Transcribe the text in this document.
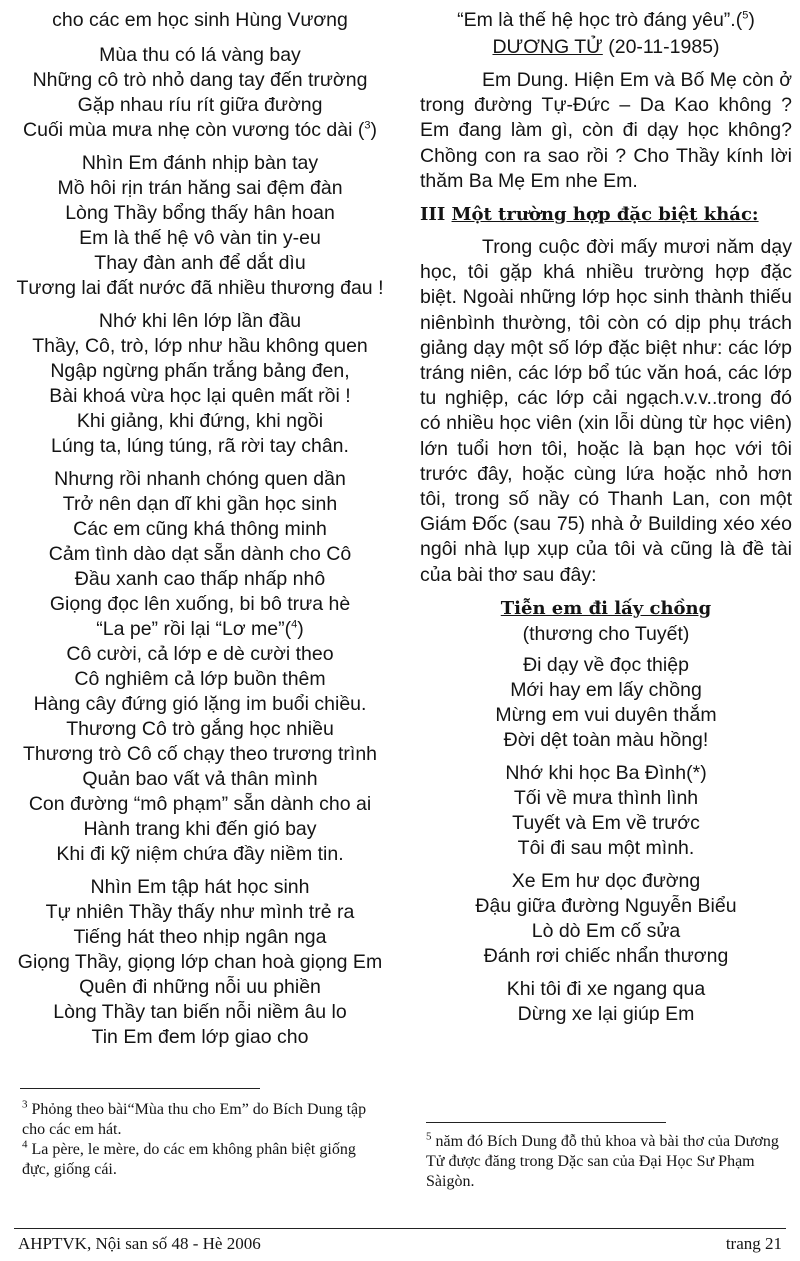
cho các em học sinh Hùng Vương
Mùa thu có lá vàng bay
Những cô trò nhỏ dang tay đến trường
Gặp nhau ríu rít giữa đường
Cuối mùa mưa nhẹ còn vương tóc dài ($^3$)
Nhìn Em đánh nhịp bàn tay
Mồ hôi rịn trán hăng sai đệm đàn
Lòng Thầy bổng thấy hân hoan
Em là thế hệ vô vàn tin y-eu
Thay đàn anh để dắt dìu
Tương lai đất nước đã nhiều thương đau !
Nhớ khi lên lớp lần đầu
Thầy, Cô, trò, lớp như hầu không quen
Ngập ngừng phấn trắng bảng đen,
Bài khoá vừa học lại quên mất rồi !
Khi giảng, khi đứng, khi ngồi
Lúng ta, lúng túng, rã rời tay chân.
Nhưng rồi nhanh chóng quen dần
Trở nên dạn dĩ khi gần học sinh
Các em cũng khá thông minh
Cảm tình dào dạt sẵn dành cho Cô
Đầu xanh cao thấp nhấp nhô
Giọng đọc lên xuống, bi bô trưa hè
“La pe” rồi lại “Lơ me”($^4$)
Cô cười, cả lớp e dè cười theo
Cô nghiêm cả lớp buồn thêm
Hàng cây đứng gió lặng im buổi chiều.
Thương Cô trò gắng học nhiều
Thương trò Cô cố chạy theo trương trình
Quản bao vất vả thân mình
Con đường “mô phạm” sẵn dành cho ai
Hành trang khi đến gió bay
Khi đi kỹ niệm chứa đầy niềm tin.
Nhìn Em tập hát học sinh
Tự nhiên Thầy thấy như mình trẻ ra
Tiếng hát theo nhịp ngân nga
Giọng Thầy, giọng lớp chan hoà giọng Em
Quên đi những nỗi uu phiền
Lòng Thầy tan biến nỗi niềm âu lo
Tin Em đem lớp giao cho

$^3$ Phỏng theo bài“Mùa thu cho Em” do Bích Dung tập cho các em hát.

$^4$ La père, le mère, do các em không phân biệt giống đực, giống cái.

“Em là thế hệ học trò đáng yêu”.($^5$)
DƯƠNG TỬ (20-11-1985)

Em Dung. Hiện Em và Bố Mẹ còn ở trong đường Tự-Đức – Da Kao không ? Em đang làm gì, còn đi dạy học không? Chồng con ra sao rồi ? Cho Thầy kính lời thăm Ba Mẹ Em nhe Em.

III Một trường hợp đặc biệt khác:

Trong cuộc đời mấy mươi năm dạy học, tôi gặp khá nhiều trường hợp đặc biệt. Ngoài những lớp học sinh thành thiếu niênbình thường, tôi còn có dịp phụ trách giảng dạy một số lớp đặc biệt như: các lớp tráng niên, các lớp bổ túc văn hoá, các lớp tu nghiệp, các lớp cải ngạch.v.v..trong đó có nhiều học viên (xin lỗi dùng từ học viên) lớn tuổi hơn tôi, hoặc là bạn học với tôi trước đây, hoặc cùng lứa hoặc nhỏ hơn tôi, trong số nầy có Thanh Lan, con một Giám Đốc (sau 75) nhà ở Building xéo xéo ngôi nhà lụp xụp của tôi và cũng là đề tài của bài thơ sau đây:

Tiễn em đi lấy chồng
(thương cho Tuyết)
Đi dạy về đọc thiệp
Mới hay em lấy chồng
Mừng em vui duyên thắm
Đời dệt toàn màu hồng!
Nhớ khi học Ba Đình(*)
Tối về mưa thình lình
Tuyết và Em về trước
Tôi đi sau một mình.
Xe Em hư dọc đường
Đậu giữa đường Nguyễn Biểu
Lò dò Em cố sửa
Đánh rơi chiếc nhẩn thương
Khi tôi đi xe ngang qua
Dừng xe lại giúp Em

$^5$ năm đó Bích Dung đỗ thủ khoa và bài thơ của Dương Tử được đăng trong Dặc san của Đại Học Sư Phạm Sàigòn.

AHPTVK, Nội san số 48 - Hè 2006	trang 21
